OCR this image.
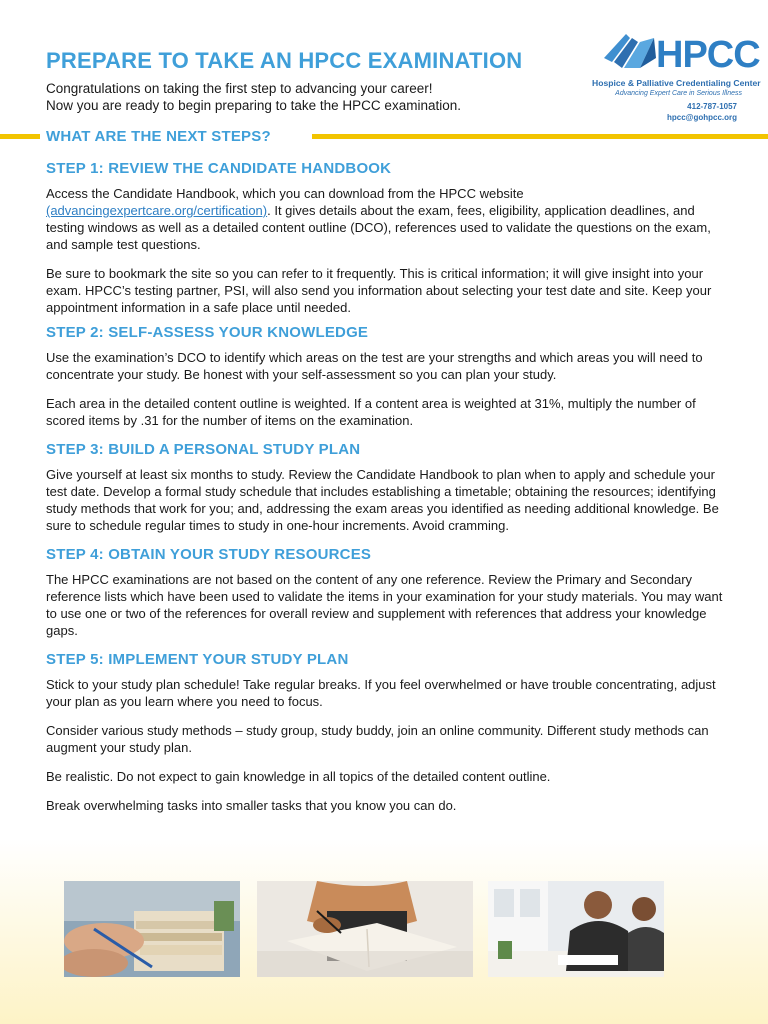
PREPARE TO TAKE AN HPCC EXAMINATION
Congratulations on taking the first step to advancing your career!
Now you are ready to begin preparing to take the HPCC examination.
HPCC
Hospice & Palliative Credentialing Center
Advancing Expert Care in Serious Illness
412-787-1057
hpcc@gohpcc.org
WHAT ARE THE NEXT STEPS?
STEP 1: REVIEW THE CANDIDATE HANDBOOK

Access the Candidate Handbook, which you can download from the HPCC website (advancingexpertcare.org/certification). It gives details about the exam, fees, eligibility, application deadlines, and testing windows as well as a detailed content outline (DCO), references used to validate the questions on the exam, and sample test questions.

Be sure to bookmark the site so you can refer to it frequently. This is critical information; it will give insight into your exam. HPCC’s testing partner, PSI, will also send you information about selecting your test date and site. Keep your appointment information in a safe place until needed.

STEP 2: SELF-ASSESS YOUR KNOWLEDGE

Use the examination’s DCO to identify which areas on the test are your strengths and which areas you will need to concentrate your study. Be honest with your self-assessment so you can plan your study.

Each area in the detailed content outline is weighted. If a content area is weighted at 31%, multiply the number of scored items by .31 for the number of items on the examination.

STEP 3: BUILD A PERSONAL STUDY PLAN

Give yourself at least six months to study. Review the Candidate Handbook to plan when to apply and schedule your test date. Develop a formal study schedule that includes establishing a timetable; obtaining the resources; identifying study methods that work for you; and, addressing the exam areas you identified as needing additional knowledge. Be sure to schedule regular times to study in one-hour increments. Avoid cramming.

STEP 4: OBTAIN YOUR STUDY RESOURCES

The HPCC examinations are not based on the content of any one reference. Review the Primary and Secondary reference lists which have been used to validate the items in your examination for your study materials. You may want to use one or two of the references for overall review and supplement with references that address your knowledge gaps.

STEP 5: IMPLEMENT YOUR STUDY PLAN

Stick to your study plan schedule! Take regular breaks. If you feel overwhelmed or have trouble concentrating, adjust your plan as you learn where you need to focus.

Consider various study methods – study group, study buddy, join an online community. Different study methods can augment your study plan.

Be realistic. Do not expect to gain knowledge in all topics of the detailed content outline.

Break overwhelming tasks into smaller tasks that you know you can do.
